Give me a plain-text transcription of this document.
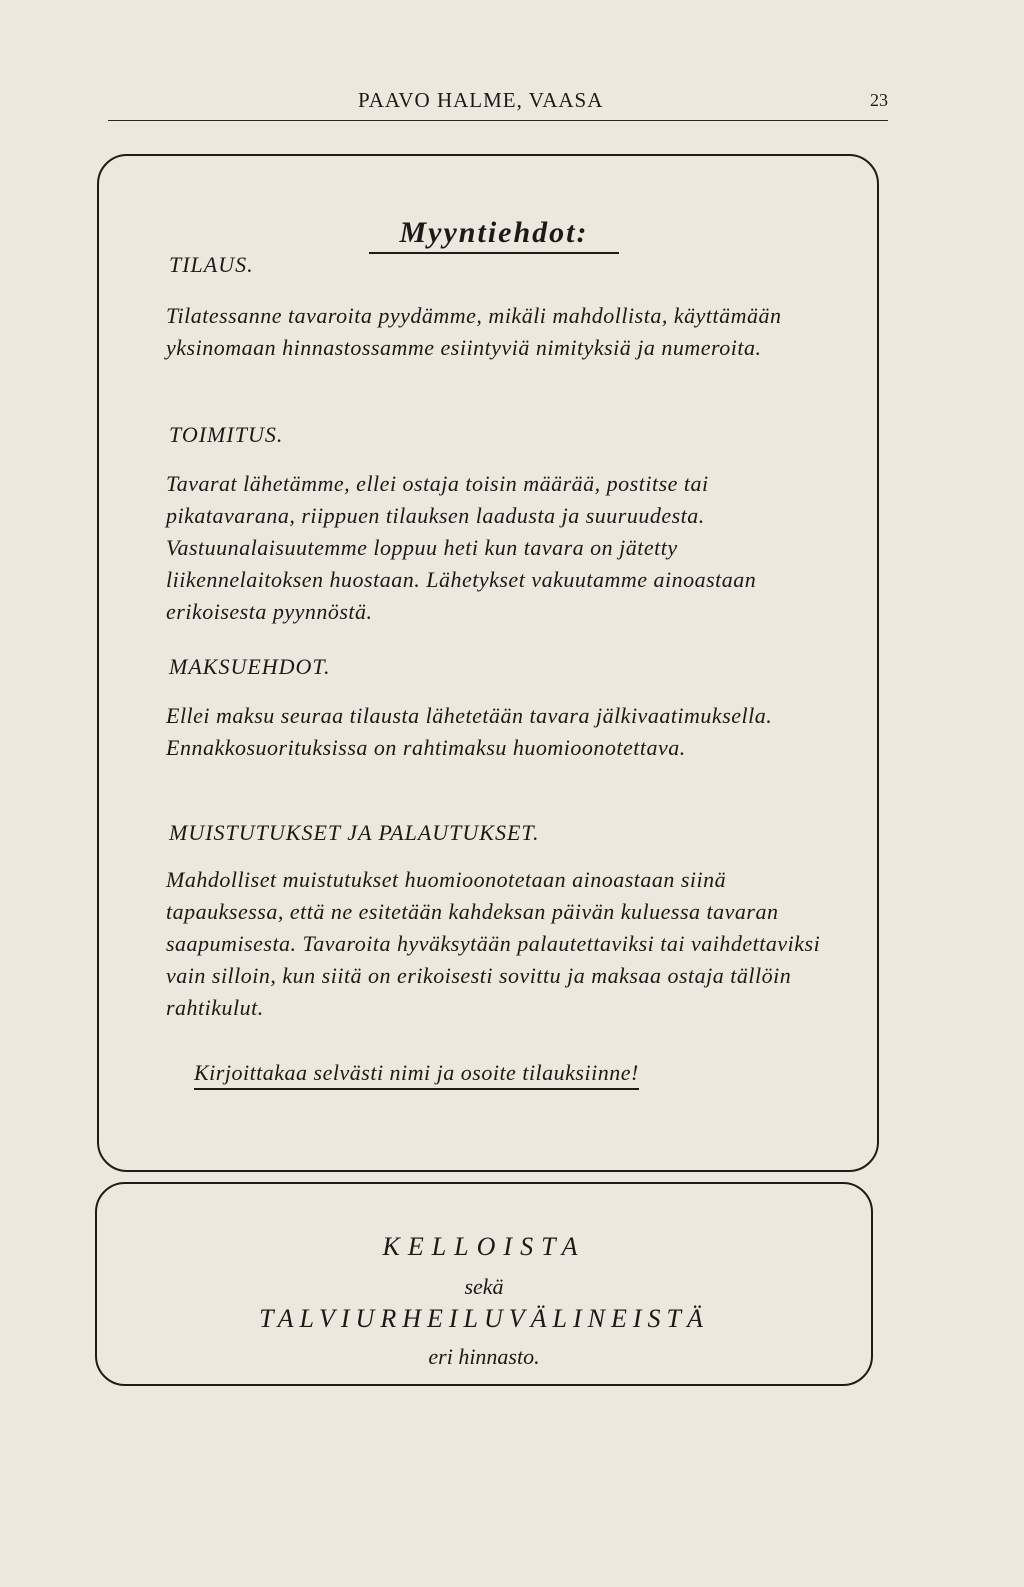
PAAVO HALME, VAASA	23
Myyntiehdot:
TILAUS.
Tilatessanne tavaroita pyydämme, mikäli mahdollista, käyttämään yksinomaan hinnastossamme esiintyviä nimityksiä ja numeroita.
TOIMITUS.
Tavarat lähetämme, ellei ostaja toisin määrää, postitse tai pikatavarana, riippuen tilauksen laadusta ja suuruudesta. Vastuunalaisuutemme loppuu heti kun tavara on jätetty liikennelaitoksen huostaan. Lähetykset vakuutamme ainoastaan erikoisesta pyynnöstä.
MAKSUEHDOT.
Ellei maksu seuraa tilausta lähetetään tavara jälkivaatimuksella. Ennakkosuorituksissa on rahtimaksu huomioonotettava.
MUISTUTUKSET JA PALAUTUKSET.
Mahdolliset muistutukset huomioonotetaan ainoastaan siinä tapauksessa, että ne esitetään kahdeksan päivän kuluessa tavaran saapumisesta. Tavaroita hyväksytään palautettaviksi tai vaihdettaviksi vain silloin, kun siitä on erikoisesti sovittu ja maksaa ostaja tällöin rahtikulut.
Kirjoittakaa selvästi nimi ja osoite tilauksiinne!
KELLOISTA
sekä
TALVIURHEILUVÄLINEISTÄ
eri hinnasto.
